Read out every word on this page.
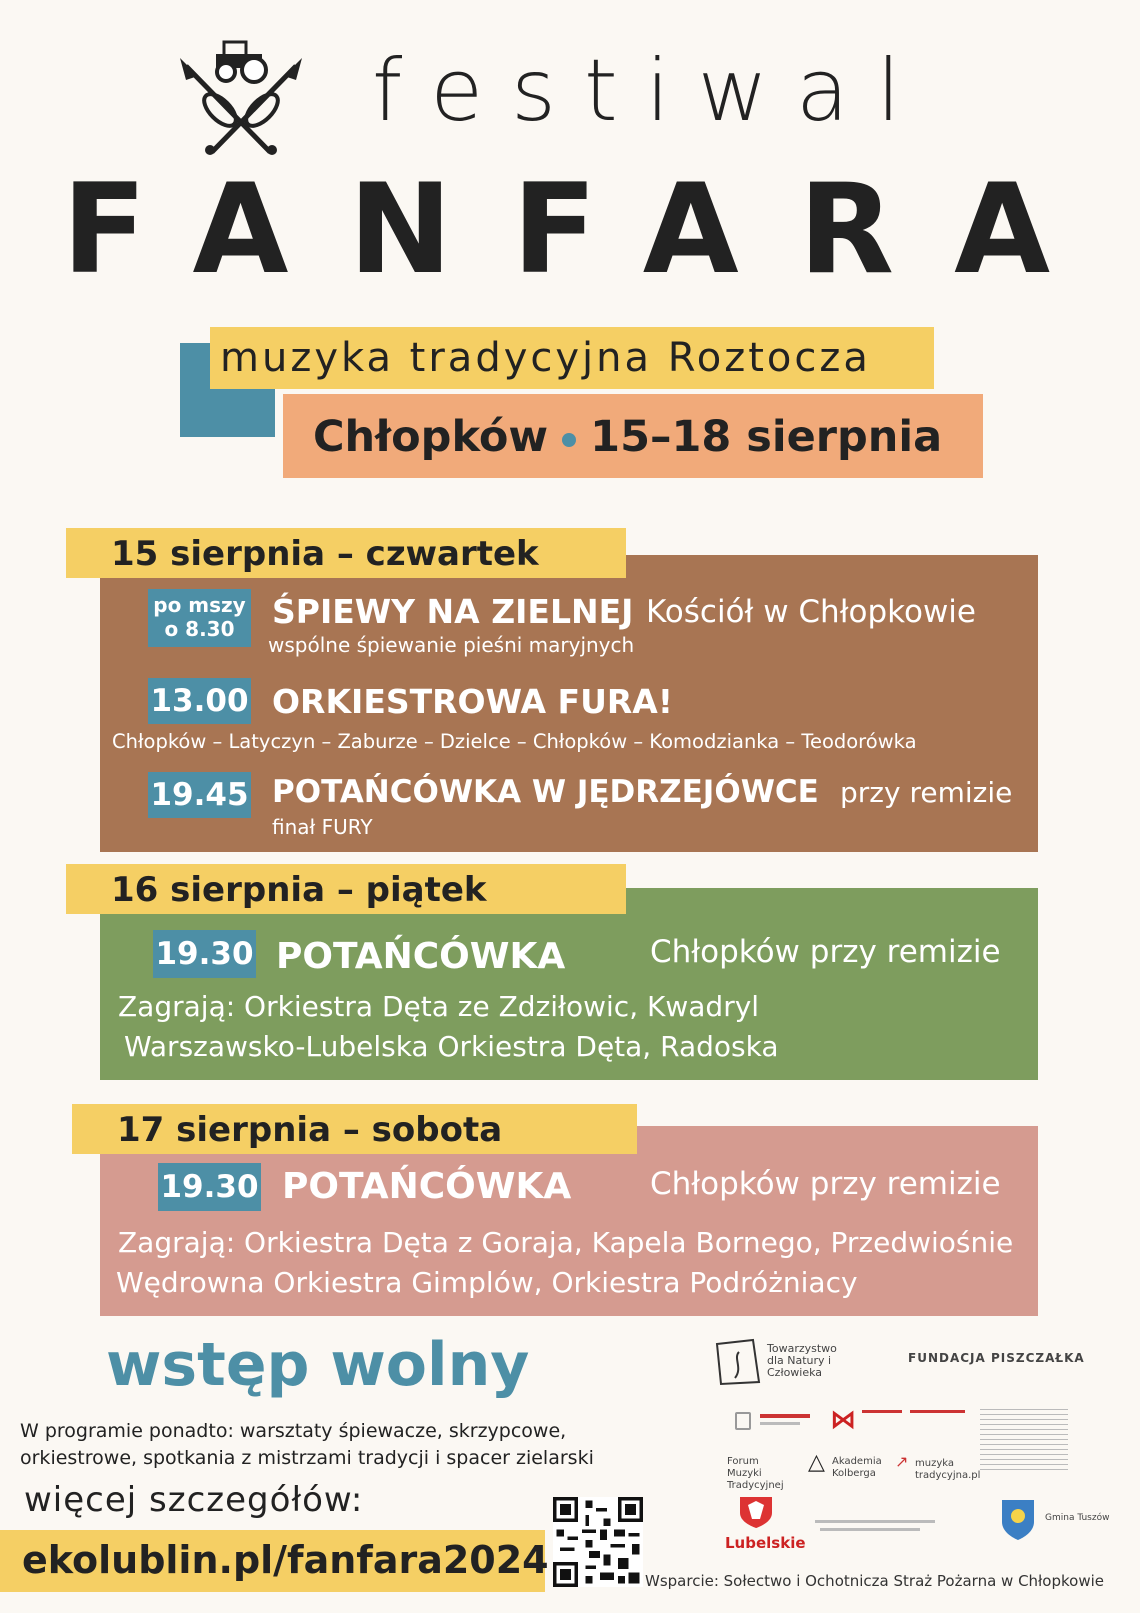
festiwal
FANFARA
muzyka tradycyjna Roztocza
Chłopków 15–18 sierpnia
15 sierpnia – czwartek
po mszy
o 8.30	ŚPIEWY NA ZIELNEJ Kościół w Chłopkowie
wspólne śpiewanie pieśni maryjnych
13.00 ORKIESTROWA FURA!
Chłopków – Latyczyn – Zaburze – Dzielce – Chłopków – Komodzianka – Teodorówka
19.45 POTAŃCÓWKA W JĘDRZEJÓWCE przy remizie
finał FURY
16 sierpnia – piątek
19.30 POTAŃCÓWKA	Chłopków przy remizie
Zagrają: Orkiestra Dęta ze Zdziłowic, Kwadryl
Warszawsko-Lubelska Orkiestra Dęta, Radoska
17 sierpnia – sobota
19.30 POTAŃCÓWKA	Chłopków przy remizie
Zagrają: Orkiestra Dęta z Goraja, Kapela Bornego, Przedwiośnie
Wędrowna Orkiestra Gimplów, Orkiestra Podróżniacy
wstęp wolny
W programie ponadto: warsztaty śpiewacze, skrzypcowe,
orkiestrowe, spotkania z mistrzami tradycji i spacer zielarski
więcej szczegółów:
ekolublin.pl/fanfara2024
Towarzystwo dla Natury i Człowieka
FUNDACJA PISZCZAŁKA
⋈
Forum Muzyki Tradycyjnej
△ Akademia Kolberga
↗ muzyka tradycyjna.pl
Lubelskie
Gmina Tuszów
Wsparcie: Sołectwo i Ochotnicza Straż Pożarna w Chłopkowie
